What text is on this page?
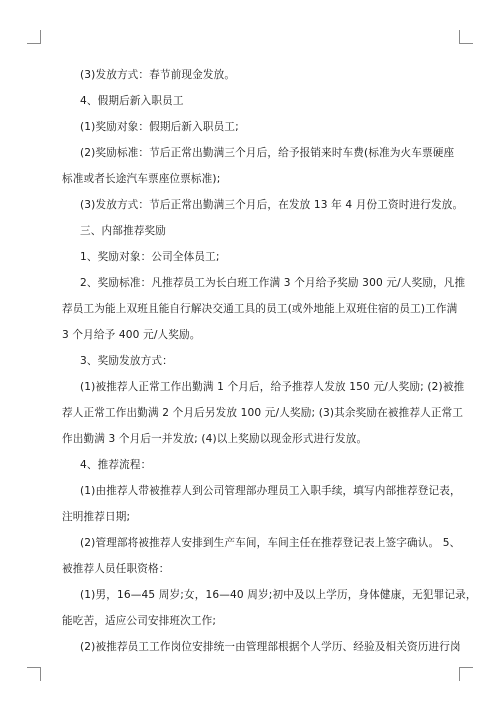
(3)发放方式：春节前现金发放。
4、假期后新入职员工
(1)奖励对象：假期后新入职员工;
(2)奖励标准：节后正常出勤满三个月后，给予报销来时车费(标准为火车票硬座
标准或者长途汽车票座位票标准);
(3)发放方式：节后正常出勤满三个月后，在发放 13 年 4 月份工资时进行发放。
三、内部推荐奖励
1、奖励对象：公司全体员工;
2、奖励标准：凡推荐员工为长白班工作满 3 个月给予奖励 300 元/人奖励，凡推
荐员工为能上双班且能自行解决交通工具的员工(或外地能上双班住宿的员工)工作满
3 个月给予 400 元/人奖励。
3、奖励发放方式：
(1)被推荐人正常工作出勤满 1 个月后，给予推荐人发放 150 元/人奖励; (2)被推
荐人正常工作出勤满 2 个月后另发放 100 元/人奖励; (3)其余奖励在被推荐人正常工
作出勤满 3 个月后一并发放; (4)以上奖励以现金形式进行发放。
4、推荐流程：
(1)由推荐人带被推荐人到公司管理部办理员工入职手续，填写内部推荐登记表，
注明推荐日期;
(2)管理部将被推荐人安排到生产车间，车间主任在推荐登记表上签字确认。 5、
被推荐人员任职资格：
(1)男，16—45 周岁;女，16—40 周岁;初中及以上学历，身体健康，无犯罪记录，
能吃苦，适应公司安排班次工作;
(2)被推荐员工工作岗位安排统一由管理部根据个人学历、经验及相关资历进行岗
